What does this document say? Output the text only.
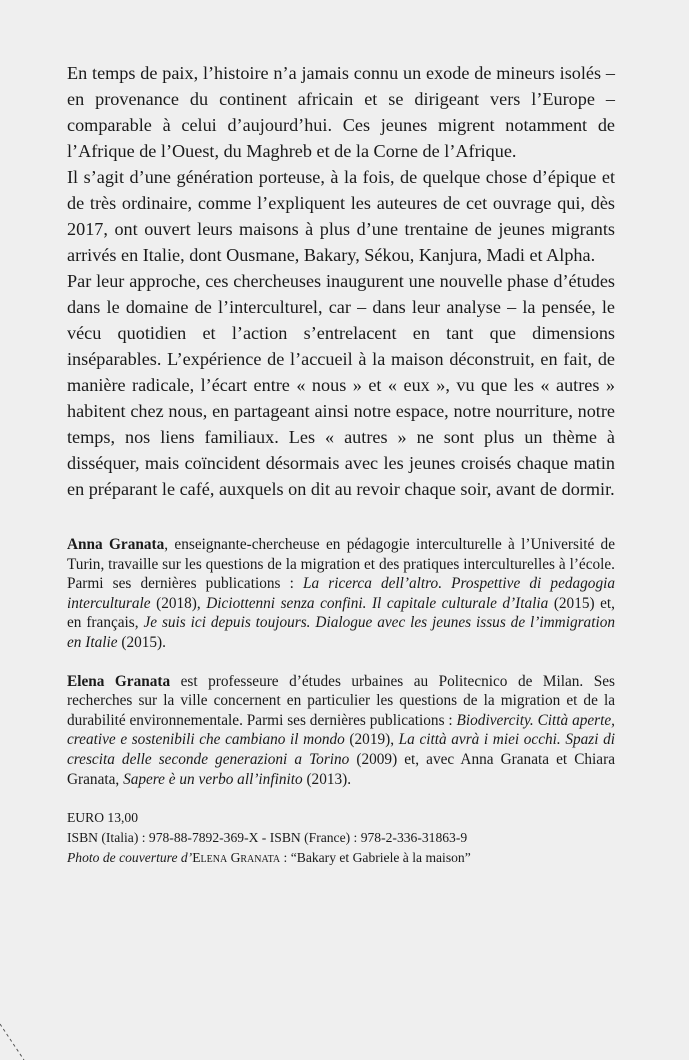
En temps de paix, l’histoire n’a jamais connu un exode de mineurs isolés – en provenance du continent africain et se dirigeant vers l’Europe – comparable à celui d’aujourd’hui. Ces jeunes migrent notamment de l’Afrique de l’Ouest, du Maghreb et de la Corne de l’Afrique.

Il s’agit d’une génération porteuse, à la fois, de quelque chose d’épique et de très ordinaire, comme l’expliquent les auteures de cet ouvrage qui, dès 2017, ont ouvert leurs maisons à plus d’une trentaine de jeunes migrants arrivés en Italie, dont Ousmane, Bakary, Sékou, Kanjura, Madi et Alpha.

Par leur approche, ces chercheuses inaugurent une nouvelle phase d’études dans le domaine de l’interculturel, car – dans leur analyse – la pensée, le vécu quotidien et l’action s’entrelacent en tant que dimensions inséparables. L’expérience de l’accueil à la maison déconstruit, en fait, de manière radicale, l’écart entre « nous » et « eux », vu que les « autres » habitent chez nous, en partageant ainsi notre espace, notre nourriture, notre temps, nos liens familiaux. Les « autres » ne sont plus un thème à disséquer, mais coïncident désormais avec les jeunes croisés chaque matin en préparant le café, auxquels on dit au revoir chaque soir, avant de dormir.

Anna Granata, enseignante-chercheuse en pédagogie interculturelle à l’Université de Turin, travaille sur les questions de la migration et des pratiques interculturelles à l’école. Parmi ses dernières publications : La ricerca dell’altro. Prospettive di pedagogia interculturale (2018), Diciottenni senza confini. Il capitale culturale d’Italia (2015) et, en français, Je suis ici depuis toujours. Dialogue avec les jeunes issus de l’immigration en Italie (2015).

Elena Granata est professeure d’études urbaines au Politecnico de Milan. Ses recherches sur la ville concernent en particulier les questions de la migration et de la durabilité environnementale. Parmi ses dernières publications : Biodivercity. Città aperte, creative e sostenibili che cambiano il mondo (2019), La città avrà i miei occhi. Spazi di crescita delle seconde generazioni a Torino (2009) et, avec Anna Granata et Chiara Granata, Sapere è un verbo all’infinito (2013).

EURO 13,00
ISBN (Italia) : 978-88-7892-369-X - ISBN (France) : 978-2-336-31863-9
Photo de couverture d’Elena Granata : “Bakary et Gabriele à la maison”
